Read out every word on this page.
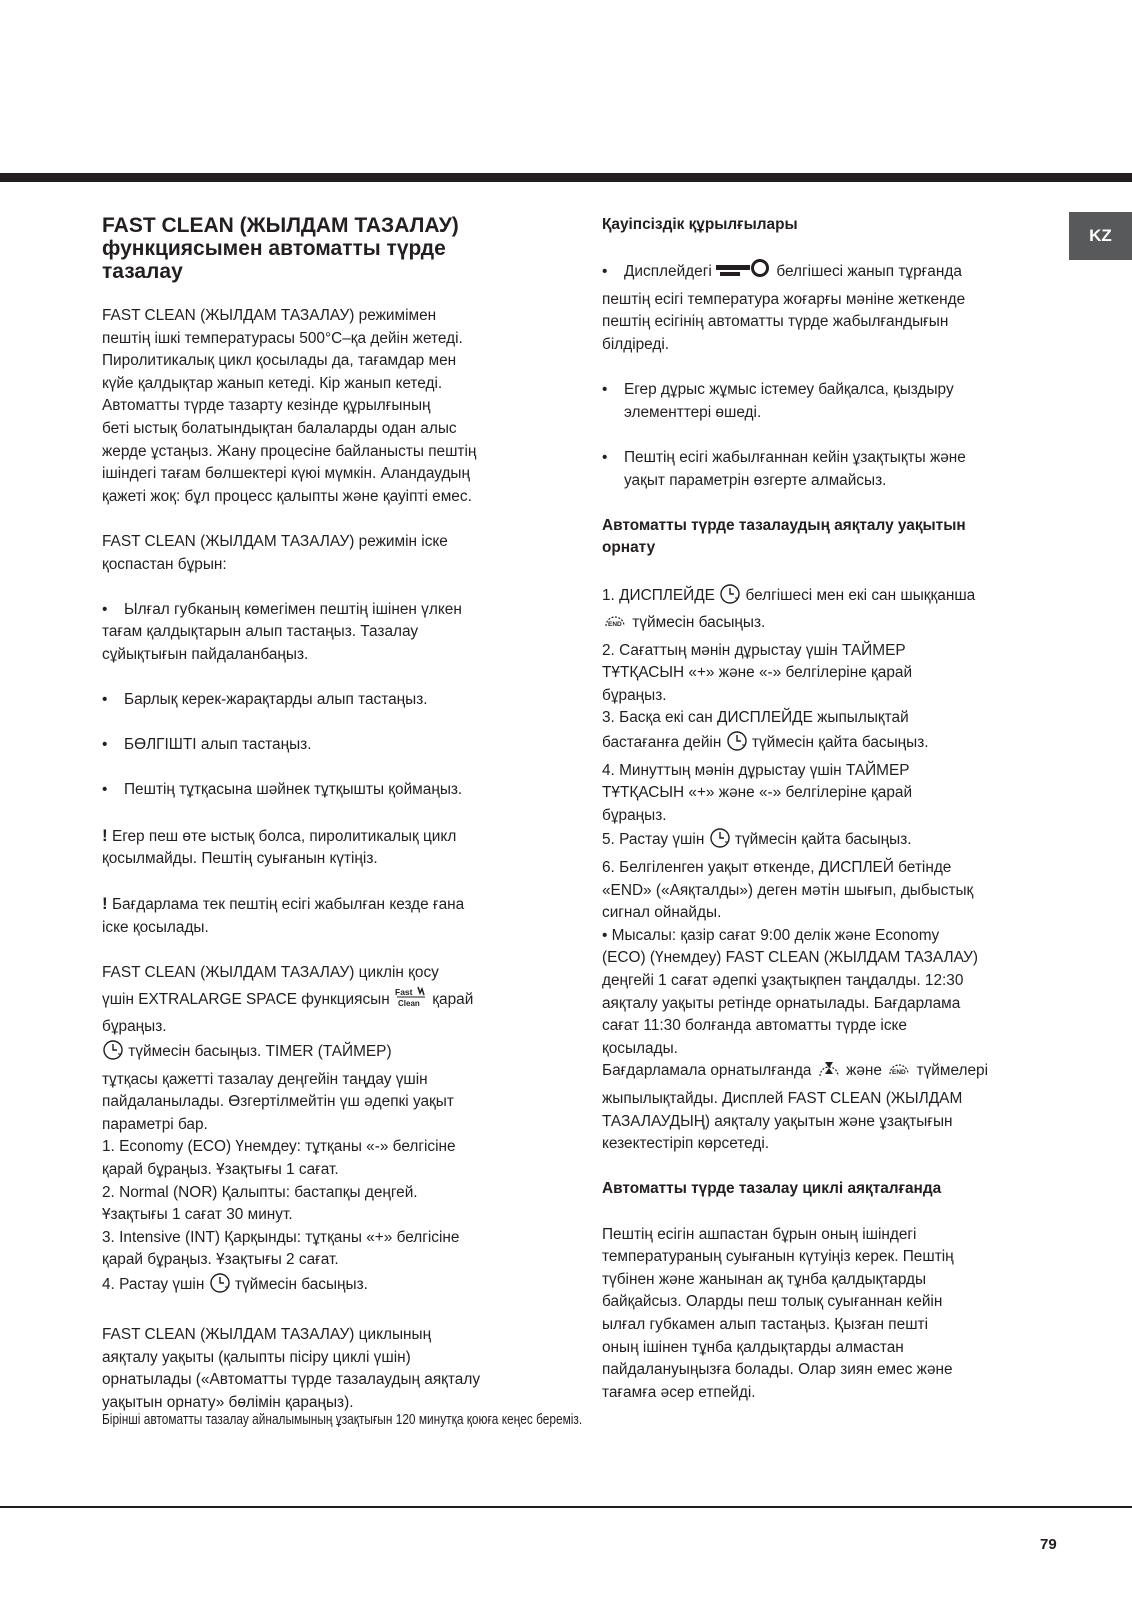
KZ
FAST CLEAN (ЖЫЛДАМ ТАЗАЛАУ)
функциясымен автоматты түрде
тазалау
FAST CLEAN (ЖЫЛДАМ ТАЗАЛАУ) режимімен
пештің ішкі температурасы 500°С–қа дейін жетеді.
Пиролитикалық цикл қосылады да, тағамдар мен
күйе қалдықтар жанып кетеді. Кір жанып кетеді.
Автоматты түрде тазарту кезінде құрылғының
беті ыстық болатындықтан балаларды одан алыс
жерде ұстаңыз. Жану процесіне байланысты пештің
ішіндегі тағам бөлшектері күюі мүмкін. Аландаудың
қажеті жоқ: бұл процесс қалыпты және қауіпті емес.
FAST CLEAN (ЖЫЛДАМ ТАЗАЛАУ) режимін іске
қоспастан бұрын:
• Ылғал губканың көмегімен пештің ішінен үлкен
тағам қалдықтарын алып тастаңыз. Тазалау
сұйықтығын пайдаланбаңыз.
• Барлық керек-жарақтарды алып тастаңыз.
• БӨЛГІШТІ алып тастаңыз.
• Пештің тұтқасына шәйнек тұтқышты қоймаңыз.
! Егер пеш өте ыстық болса, пиролитикалық цикл
қосылмайды. Пештің суығанын күтіңіз.
! Бағдарлама тек пештің есігі жабылған кезде ғана
іске қосылады.
FAST CLEAN (ЖЫЛДАМ ТАЗАЛАУ) циклін қосу
үшін EXTRALARGE SPACE функциясын Fast
Clean қарай
бұраңыз.
түймесін басыңыз. TIMER (ТАЙМЕР)
тұтқасы қажетті тазалау деңгейін таңдау үшін
пайдаланылады. Өзгертілмейтін үш әдепкі уақыт
параметрі бар.
1. Economy (ECO) Үнемдеу: тұтқаны «-» белгісіне
қарай бұраңыз. Ұзақтығы 1 сағат.
2. Normal (NOR) Қалыпты: бастапқы деңгей.
Ұзақтығы 1 сағат 30 минут.
3. Intensive (INT) Қарқынды: тұтқаны «+» белгісіне
қарай бұраңыз. Ұзақтығы 2 сағат.
4. Растау үшін түймесін басыңыз.
FAST CLEAN (ЖЫЛДАМ ТАЗАЛАУ) циклының
аяқталу уақыты (қалыпты пісіру циклі үшін)
орнатылады («Автоматты түрде тазалаудың аяқталу
уақытын орнату» бөлімін қараңыз).
Қауіпсіздік құрылғылары
• Дисплейдегі	белгішесі жанып тұрғанда
пештің есігі температура жоғарғы мәніне жеткенде
пештің есігінің автоматты түрде жабылғандығын
білдіреді.
• Егер дұрыс жұмыс істемеу байқалса, қыздыру
элементтері өшеді.
• Пештің есігі жабылғаннан кейін ұзақтықты және
уақыт параметрін өзгерте алмайсыз.
Автоматты түрде тазалаудың аяқталу уақытын
орнату
1. ДИСПЛЕЙДЕ белгішесі мен екі сан шыққанша
END түймесін басыңыз.
2. Сағаттың мәнін дұрыстау үшін ТАЙМЕР
ТҰТҚАСЫН «+» және «-» белгілеріне қарай
бұраңыз.
3. Басқа екі сан ДИСПЛЕЙДЕ жыпылықтай
бастағанға дейін түймесін қайта басыңыз.
4. Минуттың мәнін дұрыстау үшін ТАЙМЕР
ТҰТҚАСЫН «+» және «-» белгілеріне қарай
бұраңыз.
5. Растау үшін түймесін қайта басыңыз.
6. Белгіленген уақыт өткенде, ДИСПЛЕЙ бетінде
«END» («Аяқталды») деген мәтін шығып, дыбыстық
сигнал ойнайды.
• Мысалы: қазір сағат 9:00 делік және Economy
(ECO) (Үнемдеу) FAST CLEAN (ЖЫЛДАМ ТАЗАЛАУ)
деңгейі 1 сағат әдепкі ұзақтықпен таңдалды. 12:30
аяқталу уақыты ретінде орнатылады. Бағдарлама
сағат 11:30 болғанда автоматты түрде іске
қосылады.
Бағдарламала орнатылғанда және END түймелері
жыпылықтайды. Дисплей FAST CLEAN (ЖЫЛДАМ
ТАЗАЛАУДЫҢ) аяқталу уақытын және ұзақтығын
кезектестіріп көрсетеді.
Автоматты түрде тазалау циклі аяқталғанда
Пештің есігін ашпастан бұрын оның ішіндегі
температураның суығанын күтуіңіз керек. Пештің
түбінен және жанынан ақ тұнба қалдықтарды
байқайсыз. Оларды пеш толық суығаннан кейін
ылғал губкамен алып тастаңыз. Қызған пешті
оның ішінен тұнба қалдықтарды алмастан
пайдалануыңызға болады. Олар зиян емес және
тағамға әсер етпейді.
Бірінші автоматты тазалау айналымының ұзақтығын 120 минутқа қоюға кеңес береміз.
79
